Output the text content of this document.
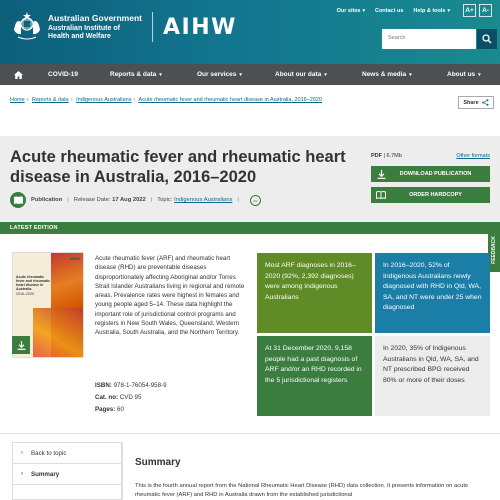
Australian Government
Australian Institute of Health and Welfare	AIHW
Our sites ▾ Contact us Help & tools ▾	A+	A-
Search
COVID-19	Reports & data ▾	Our services ▾	About our data ▾	News & media ▾	About us ▾
Home › Reports & data › Indigenous Australians › Acute rheumatic fever and rheumatic heart disease in Australia, 2016–2020	Share
Acute rheumatic fever and rheumatic heart disease in Australia, 2016–2020
Publication | Release Date:
17 Aug 2022 | Topic:
Indigenous Australians |	cc
PDF | 6.7Mb	Other formats
DOWNLOAD PUBLICATION
ORDER HARDCOPY
LATEST EDITION
FEEDBACK
AIHW
Acute rheumatic fever and rheumatic heart disease in Australia
2016–2020

Acute rheumatic fever (ARF) and rheumatic heart disease (RHD) are preventable diseases disproportionately affecting Aboriginal and/or Torres Strait Islander Australians living in regional and remote areas. Prevalence rates were highest in females and young people aged 5–14. These data highlight the important role of jurisdictional control programs and registers in New South Wales, Queensland, Western Australia, South Australia, and the Northern Territory.

ISBN: 978-1-76054-958-9
Cat. no: CVD 95
Pages: 60
Most ARF diagnoses in 2016–2020 (92%, 2,392 diagnoses) were among Indigenous Australians
In 2016–2020, 52% of Indigenous Australians newly diagnosed with RHD in Qld, WA, SA, and NT were under 25 when diagnosed
At 31 December 2020, 9,158 people had a past diagnosis of ARF and/or an RHD recorded in the 5 jurisdictional registers
In 2020, 35% of Indigenous Australians in Qld, WA, SA, and NT prescribed BPG received 80% or more of their doses
‹	Back to topic
›	Summary
Summary

This is the fourth annual report from the National Rheumatic Heart Disease (RHD) data collection. It presents information on acute rheumatic fever (ARF) and RHD in Australia drawn from the established jurisdictional
